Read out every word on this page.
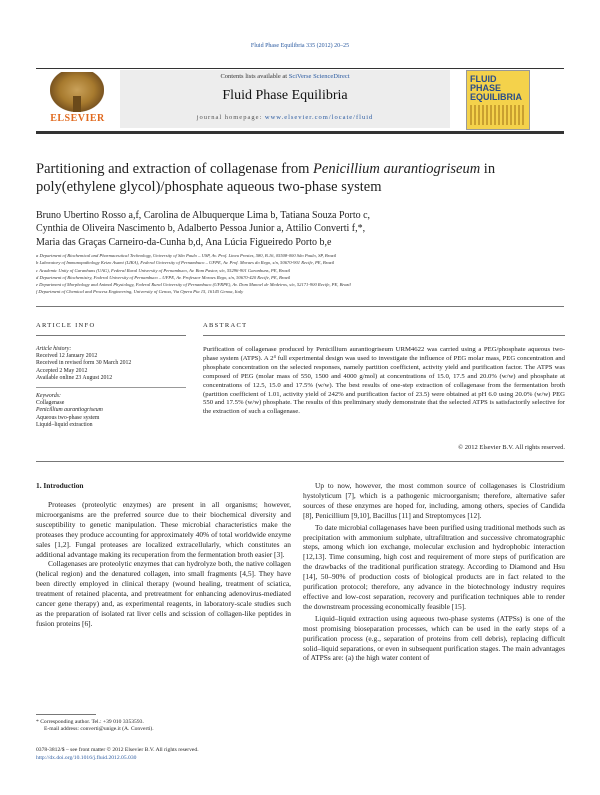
Fluid Phase Equilibria 335 (2012) 20–25
ELSEVIER
Contents lists available at SciVerse ScienceDirect
Fluid Phase Equilibria
journal homepage: www.elsevier.com/locate/fluid
FLUID PHASE EQUILIBRIA
Partitioning and extraction of collagenase from Penicillium aurantiogriseum in poly(ethylene glycol)/phosphate aqueous two-phase system
Bruno Ubertino Rosso a,f, Carolina de Albuquerque Lima b, Tatiana Souza Porto c,
Cynthia de Oliveira Nascimento b, Adalberto Pessoa Junior a, Attilio Converti f,*,
Maria das Graças Carneiro-da-Cunha b,d, Ana Lúcia Figueiredo Porto b,e
a Department of Biochemical and Pharmaceutical Technology, University of São Paulo – USP, Av. Prof. Lineu Prestes, 580, B.16, 05508-000 São Paulo, SP, Brazil
b Laboratory of Immunopathology Keizo Asami (LIKA), Federal University of Pernambuco – UFPE, Av. Prof. Moraes do Rego, s/n, 50670-901 Recife, PE, Brazil
c Academic Unity of Garanhuns (UAG), Federal Rural University of Pernambuco, Av. Bom Pastor, s/n, 55296-901 Garanhuns, PE, Brazil
d Department of Biochemistry, Federal University of Pernambuco – UFPE, Av. Professor Moraes Rego, s/n, 50670-420 Recife, PE, Brazil
e Department of Morphology and Animal Physiology, Federal Rural University of Pernambuco (UFRPE), Av. Dom Manoel de Medeiros, s/n, 52171-900 Recife, PE, Brazil
f Department of Chemical and Process Engineering, University of Genoa, Via Opera Pia 15, 16145 Genoa, Italy
ARTICLE INFO	ABSTRACT
Article history:
Received 12 January 2012
Received in revised form 30 March 2012
Accepted 2 May 2012
Available online 23 August 2012
Keywords:
Collagenase
Penicillium aurantiogriseum
Aqueous two-phase system
Liquid–liquid extraction
Purification of collagenase produced by Penicillium aurantiogriseum URM4622 was carried using a PEG/phosphate aqueous two-phase system (ATPS). A 2⁴ full experimental design was used to investigate the influence of PEG molar mass, PEG concentration and phosphate concentration on the selected responses, namely partition coefficient, activity yield and purification factor. The ATPS was composed of PEG (molar mass of 550, 1500 and 4000 g/mol) at concentrations of 15.0, 17.5 and 20.0% (w/w) and phosphate at concentrations of 12.5, 15.0 and 17.5% (w/w). The best results of one-step extraction of collagenase from the fermentation broth (partition coefficient of 1.01, activity yield of 242% and purification factor of 23.5) were obtained at pH 6.0 using 20.0% (w/w) PEG 550 and 17.5% (w/w) phosphate. The results of this preliminary study demonstrate that the selected ATPS is satisfactorily selective for the extraction of such a collagenase.
© 2012 Elsevier B.V. All rights reserved.
1. Introduction

Proteases (proteolytic enzymes) are present in all organisms; however, microorganisms are the preferred source due to their biochemical diversity and susceptibility to genetic manipulation. These microbial characteristics make the proteases they produce accounting for approximately 40% of total worldwide enzyme sales [1,2]. Fungal proteases are localized extracellularly, which constitutes an additional advantage making its recuperation from the fermentation broth easier [3].

Collagenases are proteolytic enzymes that can hydrolyze both, the native collagen (helical region) and the denatured collagen, into small fragments [4,5]. They have been directly employed in clinical therapy (wound healing, treatment of sciatica, treatment of retained placenta, and pretreatment for enhancing adenovirus-mediated cancer gene therapy) and, as experimental reagents, in laboratory-scale studies such as the preparation of isolated rat liver cells and scission of collagen-like peptides in fusion proteins [6].

Up to now, however, the most common source of collagenases is Clostridium hystolyticum [7], which is a pathogenic microorganism; therefore, alternative safer sources of these enzymes are hoped for, including, among others, species of Candida [8], Penicillium [9,10], Bacillus [11] and Streptomyces [12].

To date microbial collagenases have been purified using traditional methods such as precipitation with ammonium sulphate, ultrafiltration and successive chromatographic steps, among which ion exchange, molecular exclusion and hydrophobic interaction [12,13]. Time consuming, high cost and requirement of more steps of purification are the drawbacks of the traditional purification strategy. According to Diamond and Hsu [14], 50–90% of production costs of biological products are in fact related to the purification protocol; therefore, any advance in the biotechnology industry requires effective and low-cost separation, recovery and purification techniques able to render the downstream processing economically feasible [15].

Liquid–liquid extraction using aqueous two-phase systems (ATPSs) is one of the most promising bioseparation processes, which can be used in the early steps of a purification process (e.g., separation of proteins from cell debris), replacing difficult solid–liquid separations, or even in subsequent purification stages. The main advantages of ATPSs are: (a) the high water content of

* Corresponding author. Tel.: +39 010 3353593.
E-mail address: converti@unige.it (A. Converti).
0378-3812/$ – see front matter © 2012 Elsevier B.V. All rights reserved.
http://dx.doi.org/10.1016/j.fluid.2012.05.030
